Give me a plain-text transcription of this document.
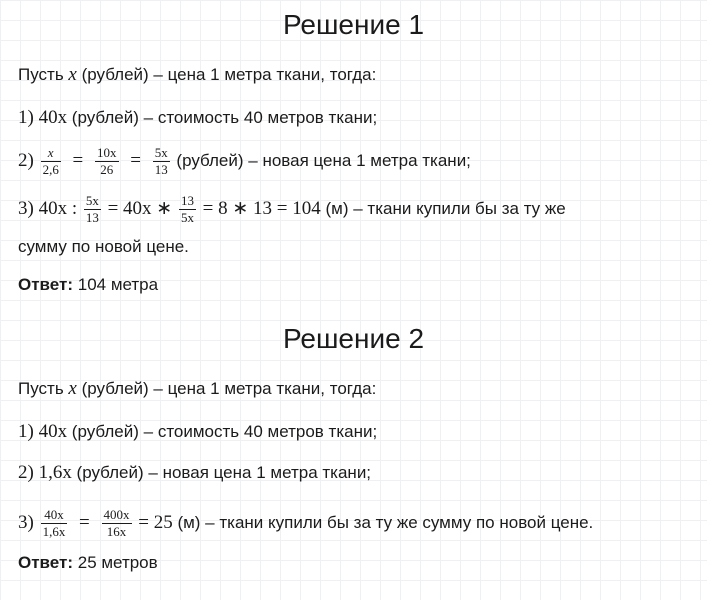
Решение 1
Пусть x (рублей) – цена 1 метра ткани, тогда:
1) 40x (рублей) – стоимость 40 метров ткани;
$2) \frac{x}{2,6} = \frac{10x}{26} = \frac{5x}{13}$ (рублей) – новая цена 1 метра ткани;
3) 40x : $\frac{5x}{13} = 40x$ ∗ $\frac{13}{5x} = 8$ ∗ 13 = 104 (м) – ткани купили бы за ту же
сумму по новой цене.
Ответ: 104 метра
Решение 2
Пусть x (рублей) – цена 1 метра ткани, тогда:
1) 40x (рублей) – стоимость 40 метров ткани;
2) 1,6x (рублей) – новая цена 1 метра ткани;
$3) \frac{40x}{1,6x} = \frac{400x}{16x} = 25$ (м) – ткани купили бы за ту же сумму по новой цене.
Ответ: 25 метров
